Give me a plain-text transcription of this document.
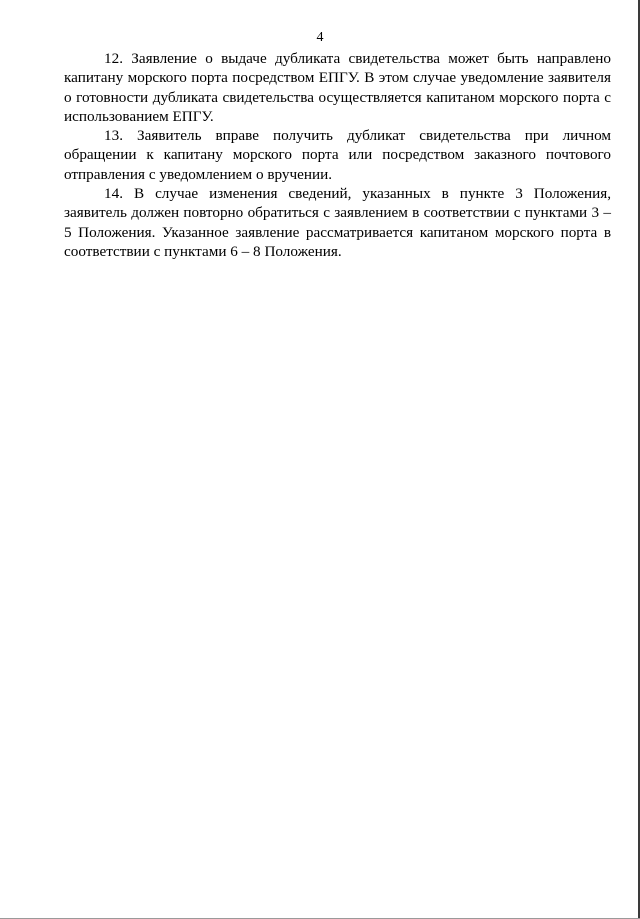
4

12. Заявление о выдаче дубликата свидетельства может быть направлено капитану морского порта посредством ЕПГУ. В этом случае уведомление заявителя о готовности дубликата свидетельства осуществляется капитаном морского порта с использованием ЕПГУ.

13. Заявитель вправе получить дубликат свидетельства при личном обращении к капитану морского порта или посредством заказного почтового отправления с уведомлением о вручении.

14. В случае изменения сведений, указанных в пункте 3 Положения, заявитель должен повторно обратиться с заявлением в соответствии с пунктами 3 – 5 Положения. Указанное заявление рассматривается капитаном морского порта в соответствии с пунктами 6 – 8 Положения.
